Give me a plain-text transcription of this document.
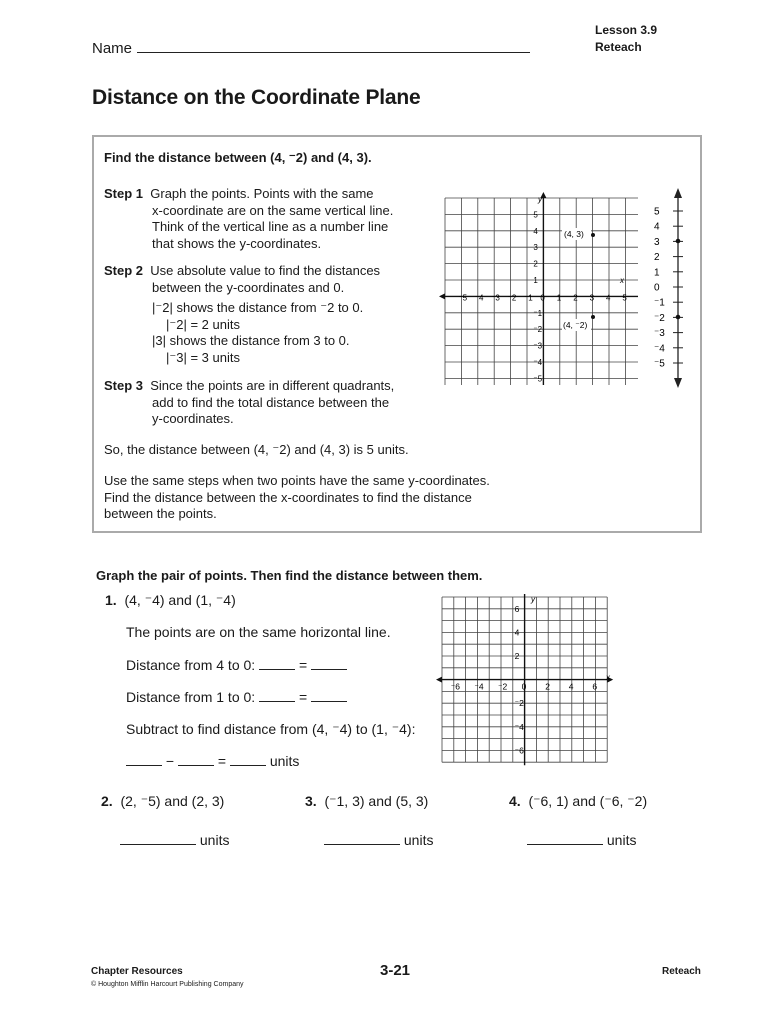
Lesson 3.9
Reteach
Name
Distance on the Coordinate Plane
Find the distance between (4, ⁻2) and (4, 3).
Step 1 Graph the points. Points with the same
x-coordinate are on the same vertical line.
Think of the vertical line as a number line
that shows the y-coordinates.
Step 2 Use absolute value to find the distances
between the y-coordinates and 0.
|⁻2| shows the distance from ⁻2 to 0.
|⁻2| = 2 units
|3| shows the distance from 3 to 0.
|⁻3| = 3 units
Step 3 Since the points are in different quadrants,
add to find the total distance between the
y-coordinates.
So, the distance between (4, ⁻2) and (4, 3) is 5 units.
Use the same steps when two points have the same y-coordinates.
Find the distance between the x-coordinates to find the distance
between the points.
⁻5 ⁻4 ⁻3 ⁻2 ⁻1 0 1 2 3 4 5
5
4
3
2
1
⁻1
⁻2
⁻3
⁻4
⁻5
x
y
(4, 3)
(4, ⁻2)
5
4
3
2
1
0
⁻1
⁻2
⁻3
⁻4
⁻5
Graph the pair of points. Then find the distance between them.
1. (4, ⁻4) and (1, ⁻4)
The points are on the same horizontal line.
Distance from 4 to 0:	=
Distance from 1 to 0:	=
Subtract to find distance from (4, ⁻4) to (1, ⁻4):
−	=	units
⁻6 ⁻4 ⁻2 0 2 4 6
6
4
2
⁻2
⁻4
⁻6
x
y
2. (2, ⁻5) and (2, 3)	3. (⁻1, 3) and (5, 3)	4. (⁻6, 1) and (⁻6, ⁻2)
units	units	units
Chapter Resources
© Houghton Mifflin Harcourt Publishing Company
3-21	Reteach
